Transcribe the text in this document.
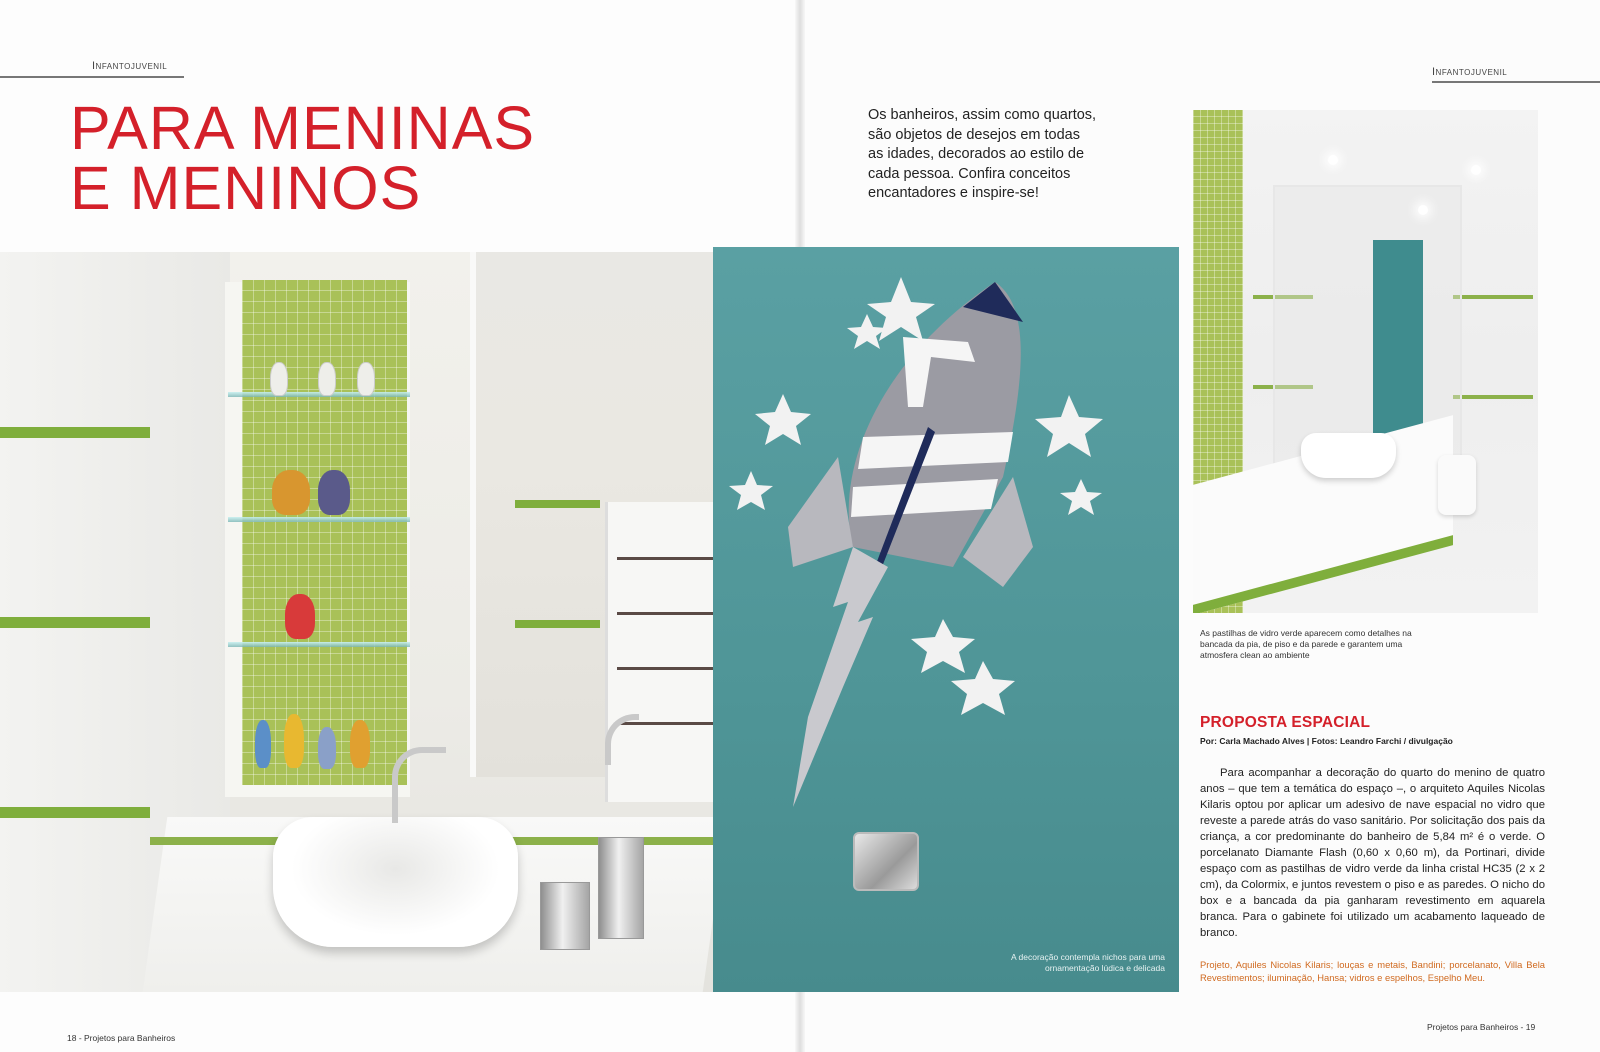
Infantojuvenil
PARA MENINAS
E MENINOS
Infantojuvenil

Os banheiros, assim como quartos, são objetos de desejos em todas as idades, decorados ao estilo de cada pessoa. Confira conceitos encantadores e inspire-se!

A decoração contempla nichos para uma ornamentação lúdica e delicada

As pastilhas de vidro verde aparecem como detalhes na bancada da pia, de piso e da parede e garantem uma atmosfera clean ao ambiente

PROPOSTA ESPACIAL

Por: Carla Machado Alves | Fotos: Leandro Farchi / divulgação

Para acompanhar a decoração do quarto do menino de quatro anos – que tem a temática do espaço –, o arquiteto Aquiles Nicolas Kilaris optou por aplicar um adesivo de nave espacial no vidro que reveste a parede atrás do vaso sanitário. Por solicitação dos pais da criança, a cor predominante do banheiro de 5,84 m² é o verde. O porcelanato Diamante Flash (0,60 x 0,60 m), da Portinari, divide espaço com as pastilhas de vidro verde da linha cristal HC35 (2 x 2 cm), da Colormix, e juntos revestem o piso e as paredes. O nicho do box e a bancada da pia ganharam revestimento em aquarela branca. Para o gabinete foi utilizado um acabamento laqueado de branco.

Projeto, Aquiles Nicolas Kilaris; louças e metais, Bandini; porcelanato, Villa Bela Revestimentos; iluminação, Hansa; vidros e espelhos, Espelho Meu.

18 - Projetos para Banheiros
Projetos para Banheiros - 19
